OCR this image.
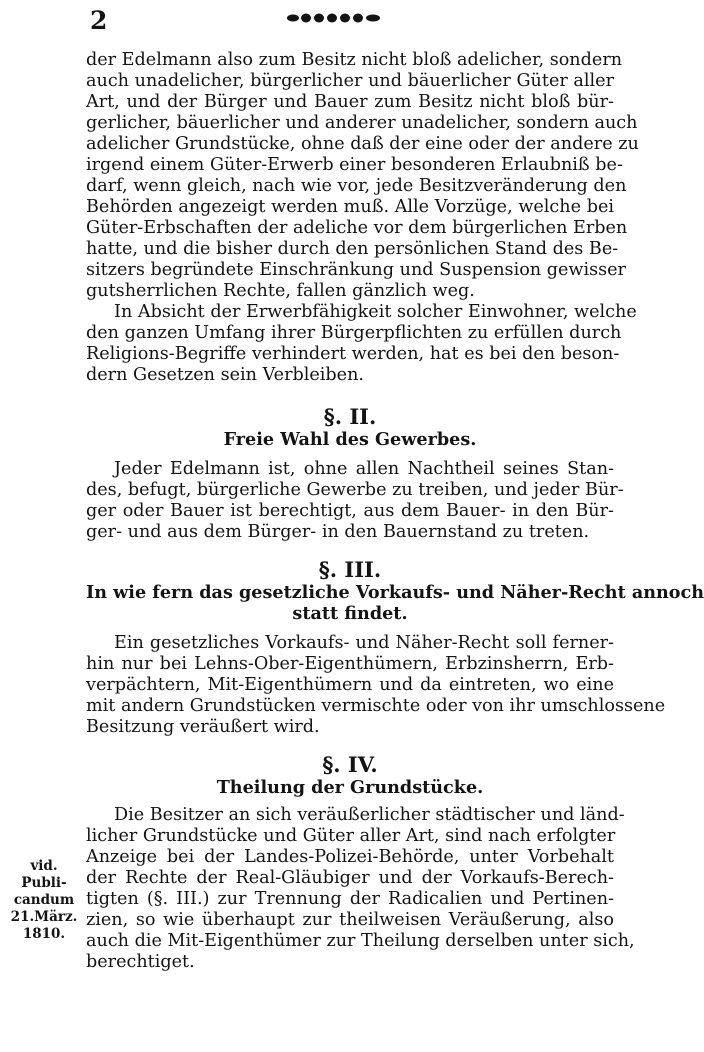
2
der Edelmann also zum Besitz nicht bloß adelicher, sondern
auch unadelicher, bürgerlicher und bäuerlicher Güter aller
Art, und der Bürger und Bauer zum Besitz nicht bloß bür-
gerlicher, bäuerlicher und anderer unadelicher, sondern auch
adelicher Grundstücke, ohne daß der eine oder der andere zu
irgend einem Güter-Erwerb einer besonderen Erlaubniß be-
darf, wenn gleich, nach wie vor, jede Besitzveränderung den
Behörden angezeigt werden muß. Alle Vorzüge, welche bei
Güter-Erbschaften der adeliche vor dem bürgerlichen Erben
hatte, und die bisher durch den persönlichen Stand des Be-
sitzers begründete Einschränkung und Suspension gewisser
gutsherrlichen Rechte, fallen gänzlich weg.
In Absicht der Erwerbfähigkeit solcher Einwohner, welche
den ganzen Umfang ihrer Bürgerpflichten zu erfüllen durch
Religions-Begriffe verhindert werden, hat es bei den beson-
dern Gesetzen sein Verbleiben.
§. II.
Freie Wahl des Gewerbes.
Jeder Edelmann ist, ohne allen Nachtheil seines Stan-
des, befugt, bürgerliche Gewerbe zu treiben, und jeder Bür-
ger oder Bauer ist berechtigt, aus dem Bauer- in den Bür-
ger- und aus dem Bürger- in den Bauernstand zu treten.
§. III.
In wie fern das gesetzliche Vorkaufs- und Näher-Recht annoch
statt findet.
Ein gesetzliches Vorkaufs- und Näher-Recht soll ferner-
hin nur bei Lehns-Ober-Eigenthümern, Erbzinsherrn, Erb-
verpächtern, Mit-Eigenthümern und da eintreten, wo eine
mit andern Grundstücken vermischte oder von ihr umschlossene
Besitzung veräußert wird.
§. IV.
Theilung der Grundstücke.
Die Besitzer an sich veräußerlicher städtischer und länd-
licher Grundstücke und Güter aller Art, sind nach erfolgter
Anzeige bei der Landes-Polizei-Behörde, unter Vorbehalt
der Rechte der Real-Gläubiger und der Vorkaufs-Berech-
tigten (§. III.) zur Trennung der Radicalien und Pertinen-
zien, so wie überhaupt zur theilweisen Veräußerung, also
auch die Mit-Eigenthümer zur Theilung derselben unter sich,
berechtiget.
vid.
Publi-
candum
21.März.
1810.
